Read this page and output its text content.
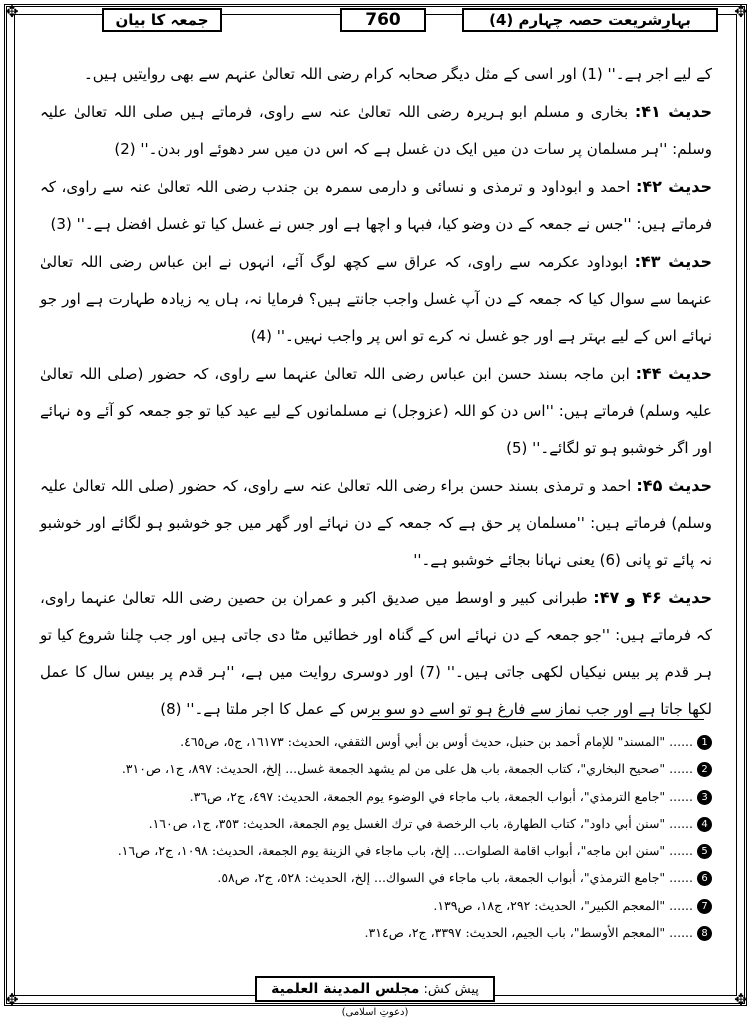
✥	✥
✥	✥
جمعہ کا بیان	760	بہارِشریعت حصہ چہارم (4)

کے لیے اجر ہے۔'' (1) اور اسی کے مثل دیگر صحابہ کرام رضی اللہ تعالیٰ عنہم سے بھی روایتیں ہیں۔

حدیث ۴۱: بخاری و مسلم ابو ہریرہ رضی اللہ تعالیٰ عنہ سے راوی، فرماتے ہیں صلی اللہ تعالیٰ علیہ وسلم: ''ہر مسلمان پر سات دن میں ایک دن غسل ہے کہ اس دن میں سر دھوئے اور بدن۔'' (2)

حدیث ۴۲: احمد و ابوداود و ترمذی و نسائی و دارمی سمرہ بن جندب رضی اللہ تعالیٰ عنہ سے راوی، کہ فرماتے ہیں: ''جس نے جمعہ کے دن وضو کیا، فبہا و اچھا ہے اور جس نے غسل کیا تو غسل افضل ہے۔'' (3)

حدیث ۴۳: ابوداود عکرمہ سے راوی، کہ عراق سے کچھ لوگ آئے، انہوں نے ابن عباس رضی اللہ تعالیٰ عنہما سے سوال کیا کہ جمعہ کے دن آپ غسل واجب جانتے ہیں؟ فرمایا نہ، ہاں یہ زیادہ طہارت ہے اور جو نہائے اس کے لیے بہتر ہے اور جو غسل نہ کرے تو اس پر واجب نہیں۔'' (4)

حدیث ۴۴: ابن ماجہ بسند حسن ابن عباس رضی اللہ تعالیٰ عنہما سے راوی، کہ حضور (صلی اللہ تعالیٰ علیہ وسلم) فرماتے ہیں: ''اس دن کو اللہ (عزوجل) نے مسلمانوں کے لیے عید کیا تو جو جمعہ کو آئے وہ نہائے اور اگر خوشبو ہو تو لگائے۔'' (5)

حدیث ۴۵: احمد و ترمذی بسند حسن براء رضی اللہ تعالیٰ عنہ سے راوی، کہ حضور (صلی اللہ تعالیٰ علیہ وسلم) فرماتے ہیں: ''مسلمان پر حق ہے کہ جمعہ کے دن نہائے اور گھر میں جو خوشبو ہو لگائے اور خوشبو نہ پائے تو پانی (6) یعنی نہانا بجائے خوشبو ہے۔''

حدیث ۴۶ و ۴۷: طبرانی کبیر و اوسط میں صدیق اکبر و عمران بن حصین رضی اللہ تعالیٰ عنہما راوی، کہ فرماتے ہیں: ''جو جمعہ کے دن نہائے اس کے گناہ اور خطائیں مٹا دی جاتی ہیں اور جب چلنا شروع کیا تو ہر قدم پر بیس نیکیاں لکھی جاتی ہیں۔'' (7) اور دوسری روایت میں ہے، ''ہر قدم پر بیس سال کا عمل لکھا جاتا ہے اور جب نماز سے فارغ ہو تو اسے دو سو برس کے عمل کا اجر ملتا ہے۔'' (8)

1...... "المسند" للإمام أحمد بن حنبل، حديث أوس بن أبي أوس الثقفي، الحديث: ١٦١٧٣، ج٥، ص٤٦٥.
2...... "صحيح البخاري"، كتاب الجمعة، باب هل على من لم يشهد الجمعة غسل... إلخ، الحديث: ٨٩٧، ج١، ص٣١٠.
3...... "جامع الترمذي"، أبواب الجمعة، باب ماجاء في الوضوء يوم الجمعة، الحديث: ٤٩٧، ج٢، ص٣٦.
4...... "سنن أبي داود"، كتاب الطهارة، باب الرخصة في ترك الغسل يوم الجمعة، الحديث: ٣٥٣، ج١، ص١٦٠.
5...... "سنن ابن ماجه"، أبواب اقامة الصلوات... إلخ، باب ماجاء في الزينة يوم الجمعة، الحديث: ١٠٩٨، ج٢، ص١٦.
6...... "جامع الترمذي"، أبواب الجمعة، باب ماجاء في السواك... إلخ، الحديث: ٥٢٨، ج٢، ص٥٨.
7...... "المعجم الكبير"، الحديث: ٢٩٢، ج١٨، ص١٣٩.
8...... "المعجم الأوسط"، باب الجيم، الحديث: ٣٣٩٧، ج٢، ص٣١٤.
پیش کش: مجلس المدينة العلمية (دعوتِ اسلامی)
